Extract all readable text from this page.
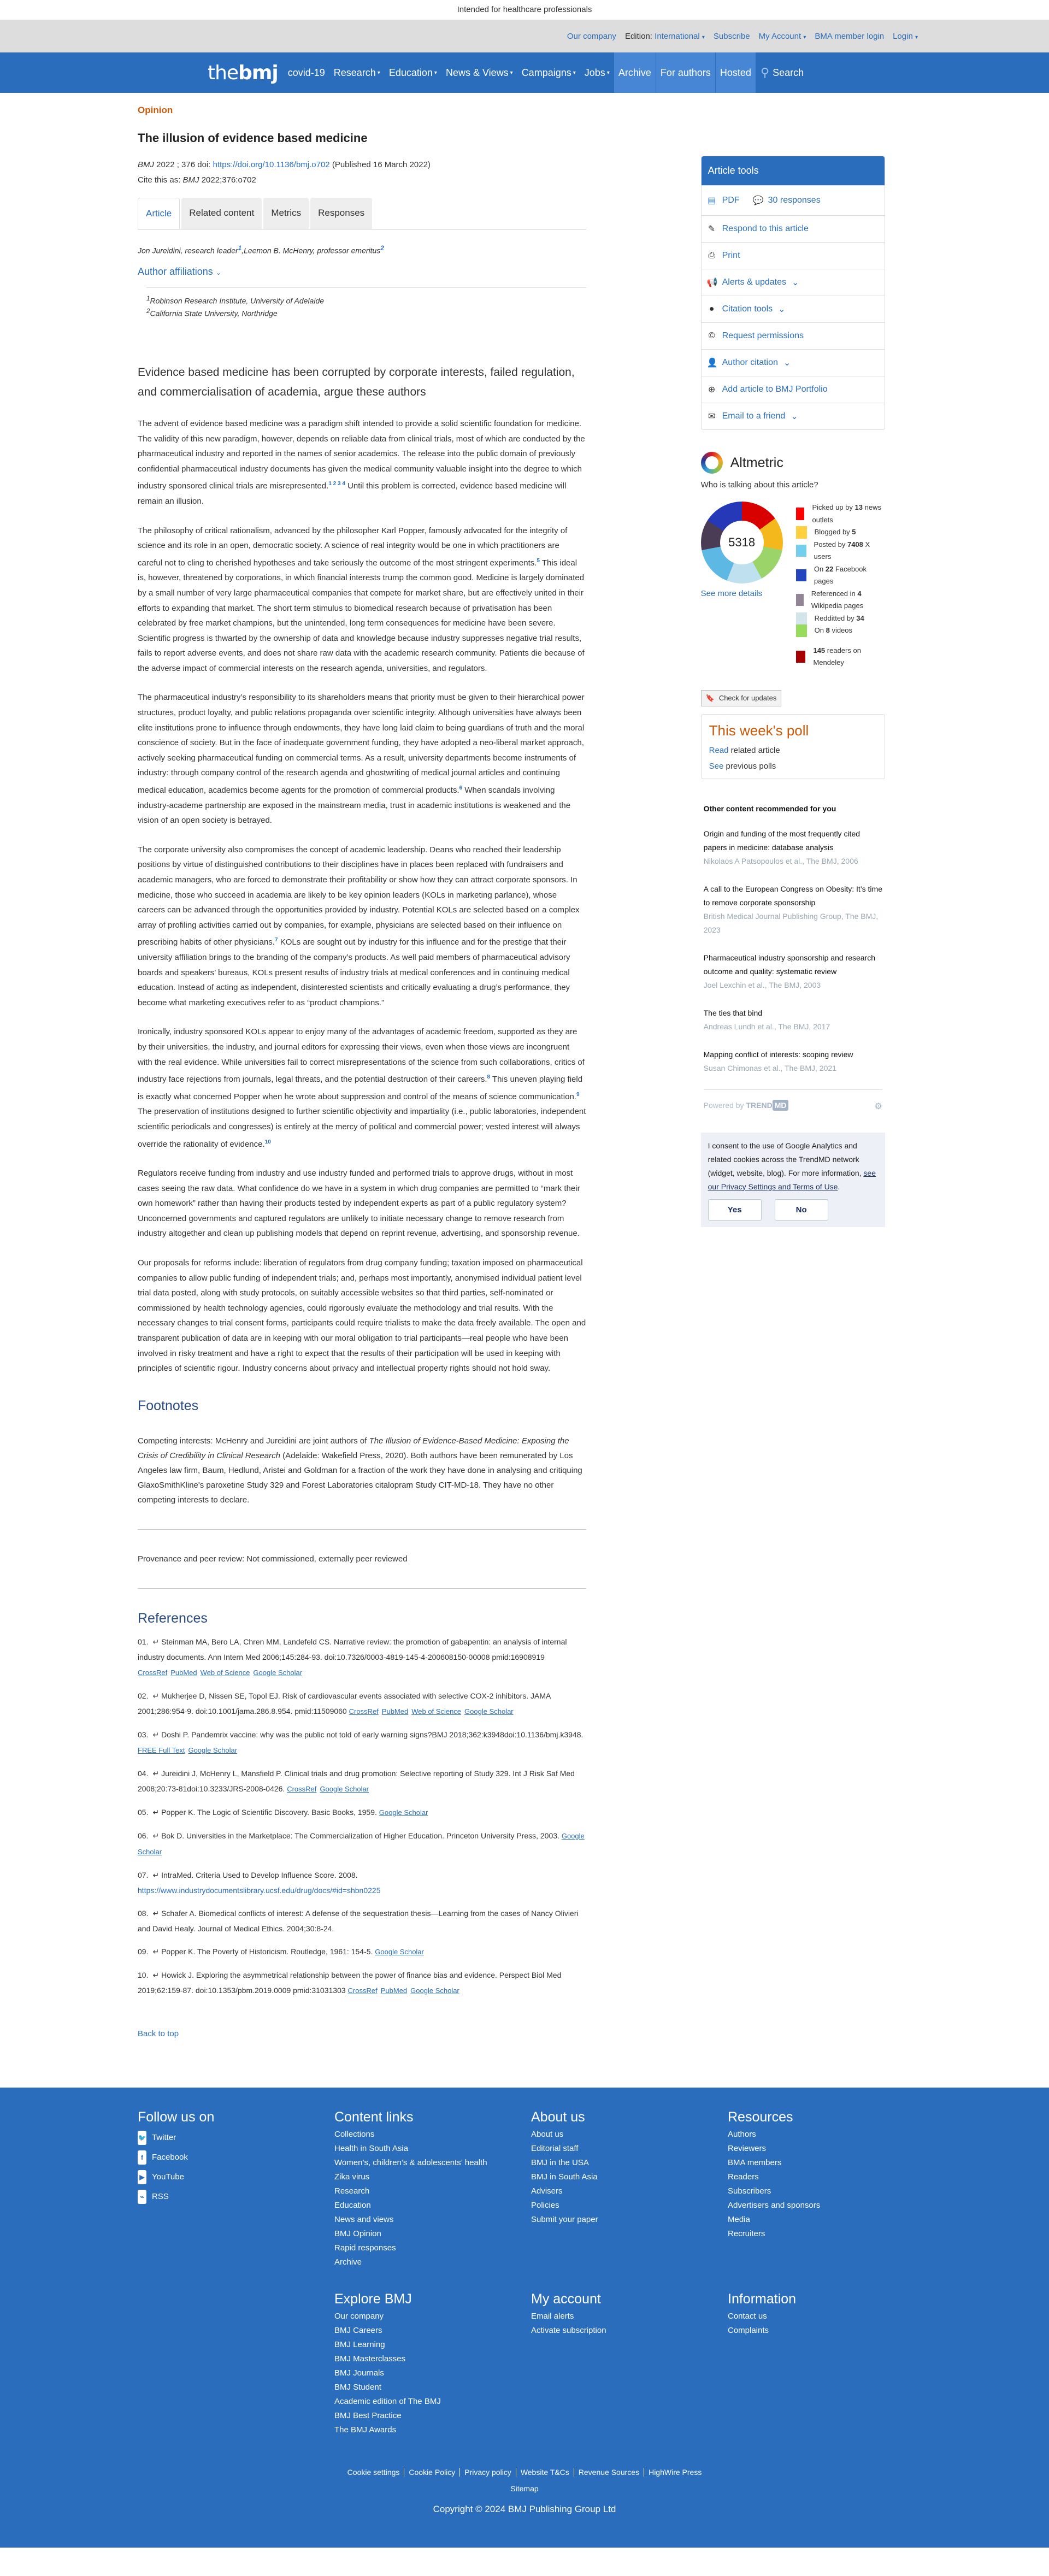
Intended for healthcare professionals
Our company Edition: International ▾ Subscribe My Account ▾ BMA member login Login ▾
thebmj covid-19 Research ▾ Education ▾ News & Views ▾ Campaigns ▾ Jobs ▾ Archive For authors Hosted ⚲ Search
Opinion
The illusion of evidence based medicine
BMJ 2022 ; 376 doi: https://doi.org/10.1136/bmj.o702 (Published 16 March 2022)
Cite this as: BMJ 2022;376:o702
Article	Related content	Metrics	Responses
Jon Jureidini, research leader$^1$,Leemon B. McHenry, professor emeritus$^2$
Author affiliations ⌄
$^1$Robinson Research Institute, University of Adelaide
$^2$California State University, Northridge
Evidence based medicine has been corrupted by corporate interests, failed regulation, and commercialisation of academia, argue these authors

The advent of evidence based medicine was a paradigm shift intended to provide a solid scientific foundation for medicine. The validity of this new paradigm, however, depends on reliable data from clinical trials, most of which are conducted by the pharmaceutical industry and reported in the names of senior academics. The release into the public domain of previously confidential pharmaceutical industry documents has given the medical community valuable insight into the degree to which industry sponsored clinical trials are misrepresented.$^{1 2 3 4}$ Until this problem is corrected, evidence based medicine will remain an illusion.

The philosophy of critical rationalism, advanced by the philosopher Karl Popper, famously advocated for the integrity of science and its role in an open, democratic society. A science of real integrity would be one in which practitioners are careful not to cling to cherished hypotheses and take seriously the outcome of the most stringent experiments.$^5$ This ideal is, however, threatened by corporations, in which financial interests trump the common good. Medicine is largely dominated by a small number of very large pharmaceutical companies that compete for market share, but are effectively united in their efforts to expanding that market. The short term stimulus to biomedical research because of privatisation has been celebrated by free market champions, but the unintended, long term consequences for medicine have been severe. Scientific progress is thwarted by the ownership of data and knowledge because industry suppresses negative trial results, fails to report adverse events, and does not share raw data with the academic research community. Patients die because of the adverse impact of commercial interests on the research agenda, universities, and regulators.

The pharmaceutical industry’s responsibility to its shareholders means that priority must be given to their hierarchical power structures, product loyalty, and public relations propaganda over scientific integrity. Although universities have always been elite institutions prone to influence through endowments, they have long laid claim to being guardians of truth and the moral conscience of society. But in the face of inadequate government funding, they have adopted a neo-liberal market approach, actively seeking pharmaceutical funding on commercial terms. As a result, university departments become instruments of industry: through company control of the research agenda and ghostwriting of medical journal articles and continuing medical education, academics become agents for the promotion of commercial products.$^6$ When scandals involving industry-academe partnership are exposed in the mainstream media, trust in academic institutions is weakened and the vision of an open society is betrayed.

The corporate university also compromises the concept of academic leadership. Deans who reached their leadership positions by virtue of distinguished contributions to their disciplines have in places been replaced with fundraisers and academic managers, who are forced to demonstrate their profitability or show how they can attract corporate sponsors. In medicine, those who succeed in academia are likely to be key opinion leaders (KOLs in marketing parlance), whose careers can be advanced through the opportunities provided by industry. Potential KOLs are selected based on a complex array of profiling activities carried out by companies, for example, physicians are selected based on their influence on prescribing habits of other physicians.$^7$ KOLs are sought out by industry for this influence and for the prestige that their university affiliation brings to the branding of the company’s products. As well paid members of pharmaceutical advisory boards and speakers’ bureaus, KOLs present results of industry trials at medical conferences and in continuing medical education. Instead of acting as independent, disinterested scientists and critically evaluating a drug’s performance, they become what marketing executives refer to as “product champions.”

Ironically, industry sponsored KOLs appear to enjoy many of the advantages of academic freedom, supported as they are by their universities, the industry, and journal editors for expressing their views, even when those views are incongruent with the real evidence. While universities fail to correct misrepresentations of the science from such collaborations, critics of industry face rejections from journals, legal threats, and the potential destruction of their careers.$^8$ This uneven playing field is exactly what concerned Popper when he wrote about suppression and control of the means of science communication.$^9$ The preservation of institutions designed to further scientific objectivity and impartiality (i.e., public laboratories, independent scientific periodicals and congresses) is entirely at the mercy of political and commercial power; vested interest will always override the rationality of evidence.$^{10}$

Regulators receive funding from industry and use industry funded and performed trials to approve drugs, without in most cases seeing the raw data. What confidence do we have in a system in which drug companies are permitted to “mark their own homework” rather than having their products tested by independent experts as part of a public regulatory system? Unconcerned governments and captured regulators are unlikely to initiate necessary change to remove research from industry altogether and clean up publishing models that depend on reprint revenue, advertising, and sponsorship revenue.

Our proposals for reforms include: liberation of regulators from drug company funding; taxation imposed on pharmaceutical companies to allow public funding of independent trials; and, perhaps most importantly, anonymised individual patient level trial data posted, along with study protocols, on suitably accessible websites so that third parties, self-nominated or commissioned by health technology agencies, could rigorously evaluate the methodology and trial results. With the necessary changes to trial consent forms, participants could require trialists to make the data freely available. The open and transparent publication of data are in keeping with our moral obligation to trial participants—real people who have been involved in risky treatment and have a right to expect that the results of their participation will be used in keeping with principles of scientific rigour. Industry concerns about privacy and intellectual property rights should not hold sway.

Footnotes

Competing interests: McHenry and Jureidini are joint authors of The Illusion of Evidence-Based Medicine: Exposing the Crisis of Credibility in Clinical Research (Adelaide: Wakefield Press, 2020). Both authors have been remunerated by Los Angeles law firm, Baum, Hedlund, Aristei and Goldman for a fraction of the work they have done in analysing and critiquing GlaxoSmithKline's paroxetine Study 329 and Forest Laboratories citalopram Study CIT-MD-18. They have no other competing interests to declare.

Provenance and peer review: Not commissioned, externally peer reviewed

References
01. ↵ Steinman MA, Bero LA, Chren MM, Landefeld CS. Narrative review: the promotion of gabapentin: an analysis of internal industry documents. Ann Intern Med 2006;145:284-93. doi:10.7326/0003-4819-145-4-200608150-00008 pmid:16908919 CrossRef PubMed Web of Science Google Scholar
02. ↵ Mukherjee D, Nissen SE, Topol EJ. Risk of cardiovascular events associated with selective COX-2 inhibitors. JAMA 2001;286:954-9. doi:10.1001/jama.286.8.954. pmid:11509060 CrossRef PubMed Web of Science Google Scholar
03. ↵ Doshi P. Pandemrix vaccine: why was the public not told of early warning signs?BMJ 2018;362:k3948doi:10.1136/bmj.k3948. FREE Full Text Google Scholar
04. ↵ Jureidini J, McHenry L, Mansfield P. Clinical trials and drug promotion: Selective reporting of Study 329. Int J Risk Saf Med 2008;20:73-81doi:10.3233/JRS-2008-0426. CrossRef Google Scholar
05. ↵ Popper K. The Logic of Scientific Discovery. Basic Books, 1959. Google Scholar
06. ↵ Bok D. Universities in the Marketplace: The Commercialization of Higher Education. Princeton University Press, 2003. Google Scholar
07. ↵ IntraMed. Criteria Used to Develop Influence Score. 2008. https://www.industrydocumentslibrary.ucsf.edu/drug/docs/#id=shbn0225
08. ↵ Schafer A. Biomedical conflicts of interest: A defense of the sequestration thesis—Learning from the cases of Nancy Olivieri and David Healy. Journal of Medical Ethics. 2004;30:8-24.
09. ↵ Popper K. The Poverty of Historicism. Routledge, 1961: 154-5. Google Scholar
10. ↵ Howick J. Exploring the asymmetrical relationship between the power of finance bias and evidence. Perspect Biol Med 2019;62:159-87. doi:10.1353/pbm.2019.0009 pmid:31031303 CrossRef PubMed Google Scholar
Back to top
Article tools
▤ PDF 💬 30 responses
✎ Respond to this article
⎙ Print
📢 Alerts & updates ⌄
● Citation tools ⌄
© Request permissions
👤 Author citation ⌄
⊕ Add article to BMJ Portfolio
✉ Email to a friend ⌄
Altmetric
Who is talking about this article?
5318
See more details
Picked up by 13 news outlets
Blogged by 5
Posted by 7408 X users
On 22 Facebook pages
Referenced in 4 Wikipedia pages
Redditted by 34
On 8 videos
145 readers on Mendeley
🔖 Check for updates
This week's poll

Read related article

See previous polls

Other content recommended for you
Origin and funding of the most frequently cited papers in medicine: database analysis
Nikolaos A Patsopoulos et al., The BMJ, 2006
A call to the European Congress on Obesity: It’s time to remove corporate sponsorship
British Medical Journal Publishing Group, The BMJ, 2023
Pharmaceutical industry sponsorship and research outcome and quality: systematic review
Joel Lexchin et al., The BMJ, 2003
The ties that bind
Andreas Lundh et al., The BMJ, 2017
Mapping conflict of interests: scoping review
Susan Chimonas et al., The BMJ, 2021
Powered by TREND MD	⚙
I consent to the use of Google Analytics and related cookies across the TrendMD network (widget, website, blog). For more information, see our Privacy Settings and Terms of Use.
Yes	No
Follow us on
🐦 Twitter
f	Facebook
▶ YouTube
⌁ RSS
Content links
Collections
Health in South Asia
Women’s, children’s & adolescents’ health
Zika virus
Research
Education
News and views
BMJ Opinion
Rapid responses
Archive
About us
About us
Editorial staff
BMJ in the USA
BMJ in South Asia
Advisers
Policies
Submit your paper
Resources
Authors
Reviewers
BMA members
Readers
Subscribers
Advertisers and sponsors
Media
Recruiters
Explore BMJ
Our company
BMJ Careers
BMJ Learning
BMJ Masterclasses
BMJ Journals
BMJ Student
Academic edition of The BMJ
BMJ Best Practice
The BMJ Awards
My account
Email alerts
Activate subscription
Information
Contact us
Complaints
Cookie settings Cookie Policy Privacy policy Website T&Cs Revenue Sources HighWire Press
Sitemap
Copyright © 2024 BMJ Publishing Group Ltd
